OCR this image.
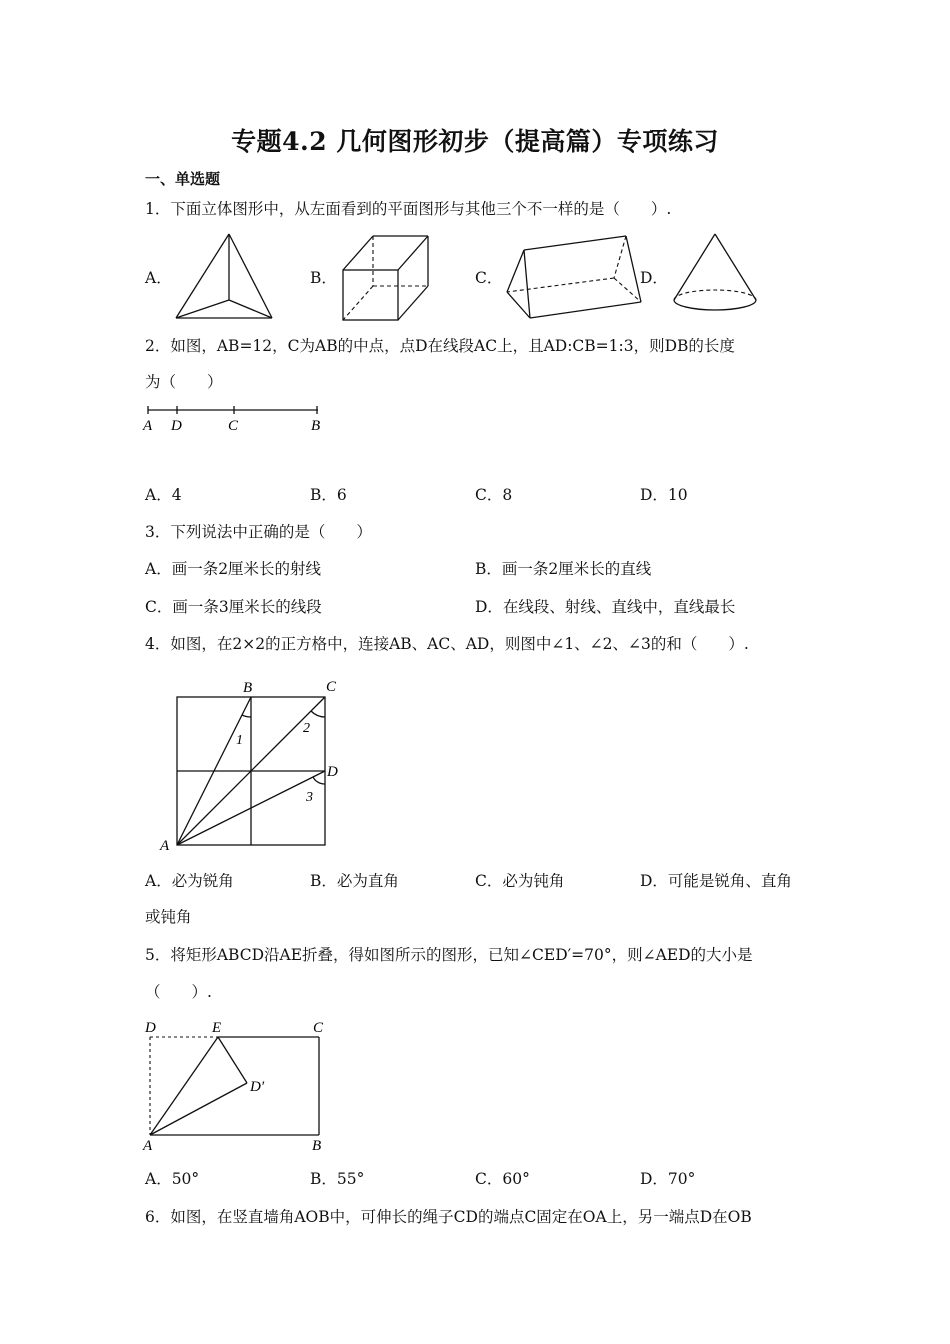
专题4.2 几何图形初步（提高篇）专项练习
一、单选题
1．下面立体图形中，从左面看到的平面图形与其他三个不一样的是（　　）.
A．	B．	C．	D．
2．如图，AB=12，C为AB的中点，点D在线段AC上，且AD:CB=1:3，则DB的长度
为（　　）
A D	C	B
A．4	B．6	C．8	D．10
3．下列说法中正确的是（　　）
A．画一条2厘米长的射线	B．画一条2厘米长的直线
C．画一条3厘米长的线段	D．在线段、射线、直线中，直线最长
4．如图，在2×2的正方格中，连接AB、AC、AD，则图中∠1、∠2、∠3的和（　　）.
B	C
D
A
1
2
3
A．必为锐角	B．必为直角	C．必为钝角	D．可能是锐角、直角
或钝角
5．将矩形ABCD沿AE折叠，得如图所示的图形，已知∠CED′=70°，则∠AED的大小是
（　　）.
D	E	C
D′
A	B
A．50°	B．55°	C．60°	D．70°
6．如图，在竖直墙角AOB中，可伸长的绳子CD的端点C固定在OA上，另一端点D在OB
